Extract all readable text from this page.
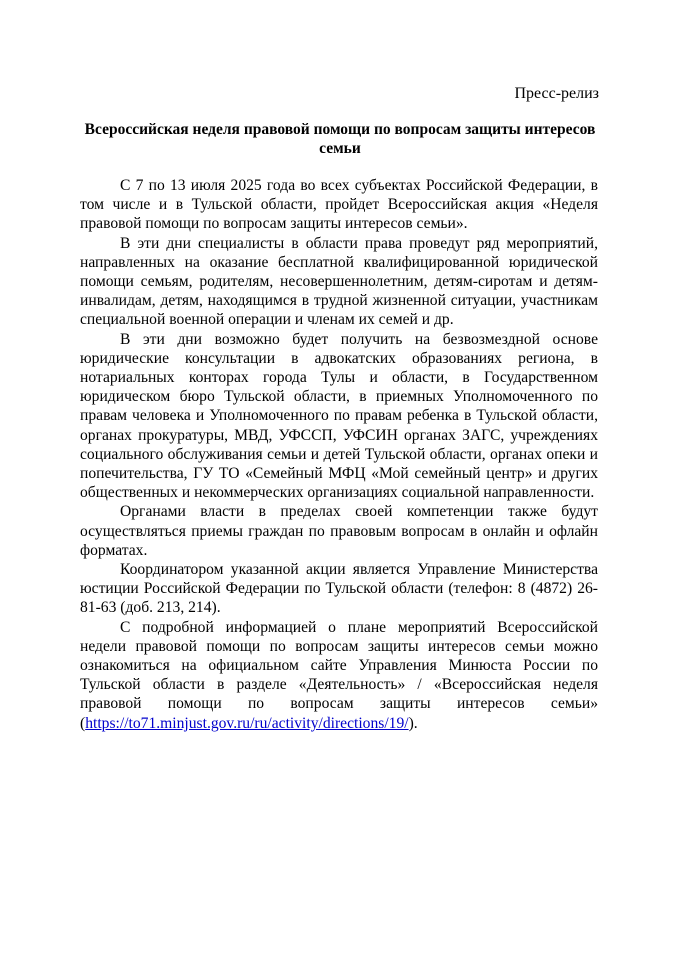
Пресс-релиз
Всероссийская неделя правовой помощи по вопросам защиты интересов семьи

С 7 по 13 июля 2025 года во всех субъектах Российской Федерации, в том числе и в Тульской области, пройдет Всероссийская акция «Неделя правовой помощи по вопросам защиты интересов семьи».

В эти дни специалисты в области права проведут ряд мероприятий, направленных на оказание бесплатной квалифицированной юридической помощи семьям, родителям, несовершеннолетним, детям-сиротам и детям-инвалидам, детям, находящимся в трудной жизненной ситуации, участникам специальной военной операции и членам их семей и др.

В эти дни возможно будет получить на безвозмездной основе юридические консультации в адвокатских образованиях региона, в нотариальных конторах города Тулы и области, в Государственном юридическом бюро Тульской области, в приемных Уполномоченного по правам человека и Уполномоченного по правам ребенка в Тульской области, органах прокуратуры, МВД, УФССП, УФСИН органах ЗАГС, учреждениях социального обслуживания семьи и детей Тульской области, органах опеки и попечительства, ГУ ТО «Семейный МФЦ «Мой семейный центр» и других общественных и некоммерческих организациях социальной направленности.

Органами власти в пределах своей компетенции также будут осуществляться приемы граждан по правовым вопросам в онлайн и офлайн форматах.

Координатором указанной акции является Управление Министерства юстиции Российской Федерации по Тульской области (телефон: 8 (4872) 26-81-63 (доб. 213, 214).

С подробной информацией о плане мероприятий Всероссийской недели правовой помощи по вопросам защиты интересов семьи можно ознакомиться на официальном сайте Управления Минюста России по Тульской области в разделе «Деятельность» / «Всероссийская неделя правовой помощи по вопросам защиты интересов семьи» (https://to71.minjust.gov.ru/ru/activity/directions/19/).
